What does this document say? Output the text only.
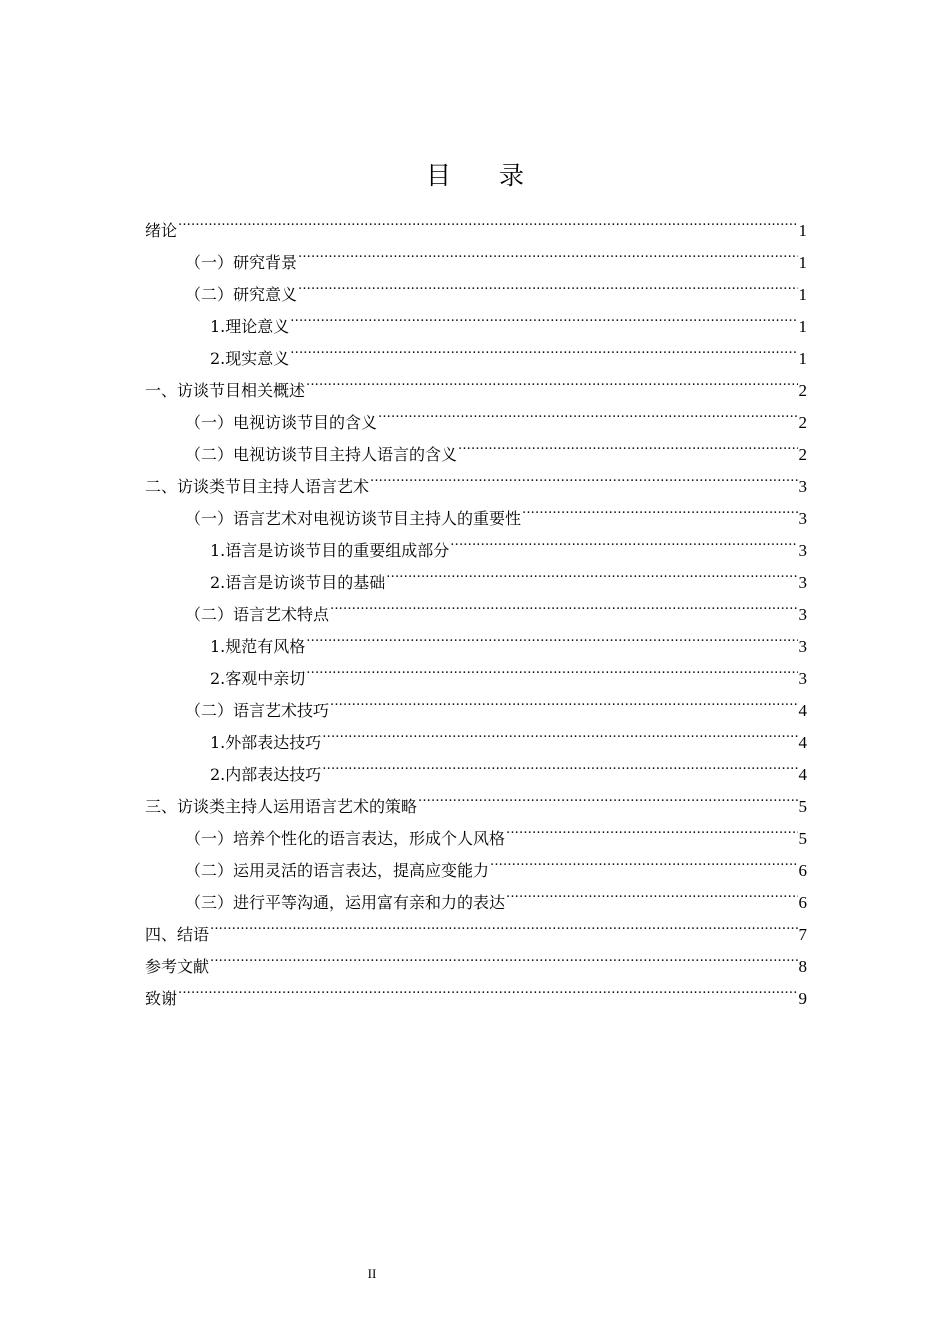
目 录
绪论 .....	1
（一）研究背景 .....	1
（二）研究意义 .....	1
1.理论意义 .....	1
2.现实意义 .....	1
一、访谈节目相关概述 .....	2
（一）电视访谈节目的含义 .....	2
（二）电视访谈节目主持人语言的含义 .....	2
二、访谈类节目主持人语言艺术 .....	3
（一）语言艺术对电视访谈节目主持人的重要性 .....	3
1.语言是访谈节目的重要组成部分 .....	3
2.语言是访谈节目的基础 .....	3
（二）语言艺术特点 .....	3
1.规范有风格 .....	3
2.客观中亲切 .....	3
（二）语言艺术技巧 .....	4
1.外部表达技巧 .....	4
2.内部表达技巧 .....	4
三、访谈类主持人运用语言艺术的策略 .....	5
（一）培养个性化的语言表达，形成个人风格 .....	5
（二）运用灵活的语言表达，提高应变能力 .....	6
（三）进行平等沟通，运用富有亲和力的表达 .....	6
四、结语 .....	7
参考文献 .....	8
致谢 .....	9
II
